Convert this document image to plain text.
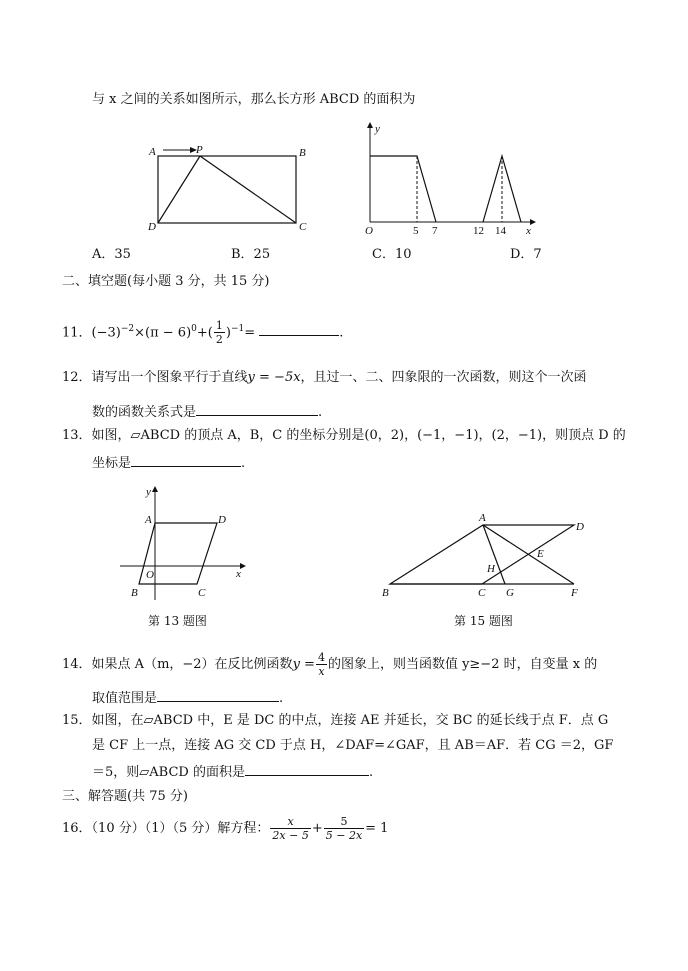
与 x 之间的关系如图所示，那么长方形 ABCD 的面积为
A	P	B
D	C
y
x
O	5 7	12 14
y
x
O
A	D
B	C
A
D
E
H
B	C G	F
A．35	B．25	C．10	D．7
二、填空题(每小题 3 分，共 15 分)
11．$(-3)^{-2}\times(\pi - 6)^0+( \frac{1}{2} )^{-1}=$	.
12．请写出一个图象平行于直线y = −5x，且过一、二、四象限的一次函数，则这个一次函
数的函数关系式是	.
13．如图，▱ABCD 的顶点 A，B，C 的坐标分别是(0，2)，(−1，−1)，(2，−1)，则顶点 D 的
坐标是	.
第 13 题图	第 15 题图
14．如果点 A（m，−2）在反比例函数$y = \frac{4}{x}$ 的图象上，则当函数值 y≥−2 时，自变量 x 的
取值范围是	.
15．如图，在▱ABCD 中，E 是 DC 的中点，连接 AE 并延长，交 BC 的延长线于点 F．点 G
是 CF 上一点，连接 AG 交 CD 于点 H，∠DAF=∠GAF，且 AB＝AF．若 CG ＝2，GF
＝5，则▱ABCD 的面积是	.
三、解答题(共 75 分)
16．（10 分）（1）（5 分）解方程： $\frac{x}{2x - 5} + \frac{5}{5 - 2x} = 1$
